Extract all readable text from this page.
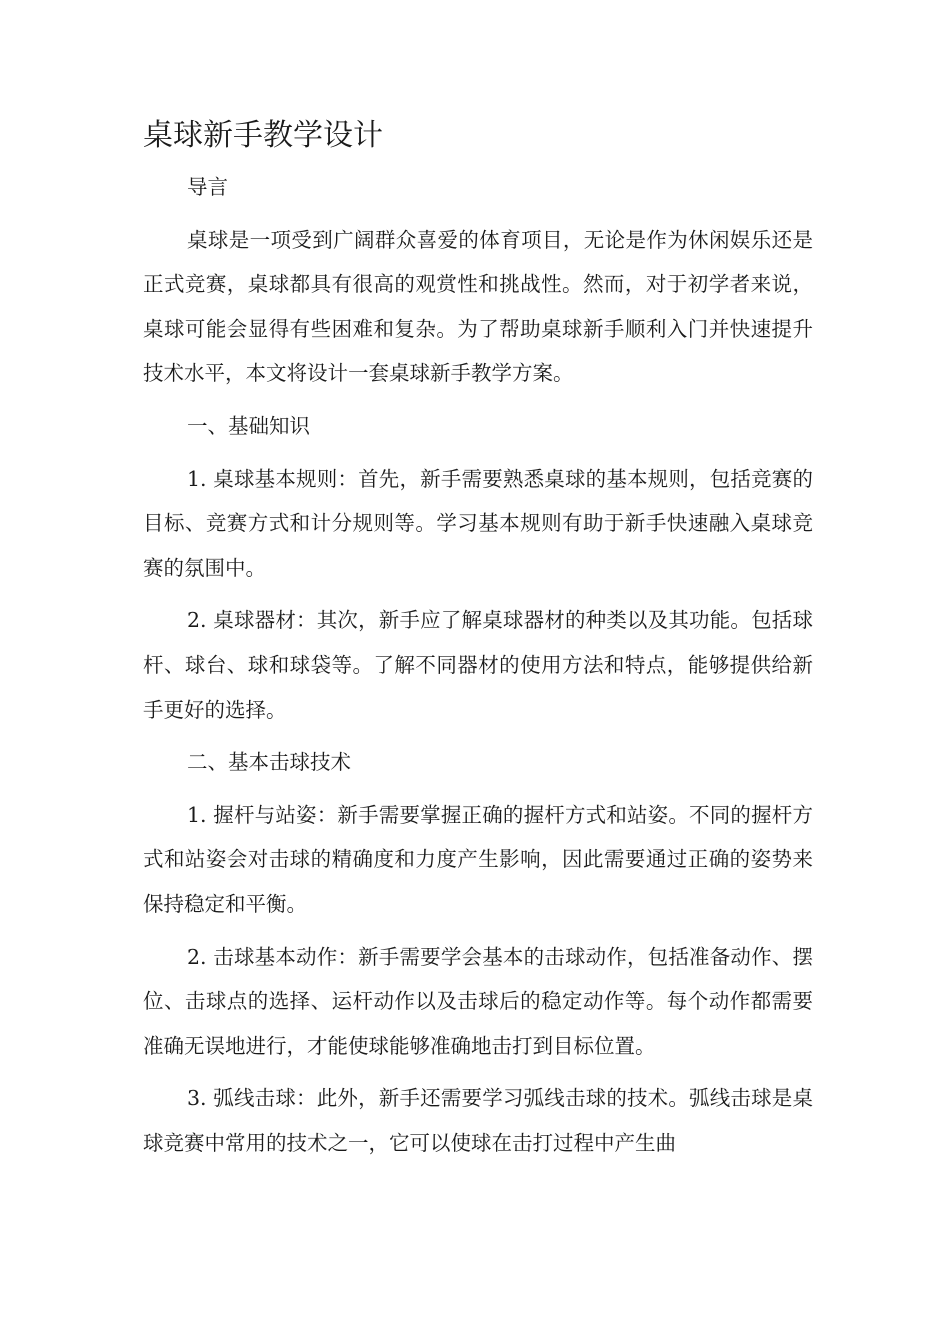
桌球新手教学设计

导言

桌球是一项受到广阔群众喜爱的体育项目，无论是作为休闲娱乐还是正式竞赛，桌球都具有很高的观赏性和挑战性。然而，对于初学者来说，桌球可能会显得有些困难和复杂。为了帮助桌球新手顺利入门并快速提升技术水平，本文将设计一套桌球新手教学方案。

一、基础知识

1. 桌球基本规则：首先，新手需要熟悉桌球的基本规则，包括竞赛的目标、竞赛方式和计分规则等。学习基本规则有助于新手快速融入桌球竞赛的氛围中。

2. 桌球器材：其次，新手应了解桌球器材的种类以及其功能。包括球杆、球台、球和球袋等。了解不同器材的使用方法和特点，能够提供给新手更好的选择。

二、基本击球技术

1. 握杆与站姿：新手需要掌握正确的握杆方式和站姿。不同的握杆方式和站姿会对击球的精确度和力度产生影响，因此需要通过正确的姿势来保持稳定和平衡。

2. 击球基本动作：新手需要学会基本的击球动作，包括准备动作、摆位、击球点的选择、运杆动作以及击球后的稳定动作等。每个动作都需要准确无误地进行，才能使球能够准确地击打到目标位置。

3. 弧线击球：此外，新手还需要学习弧线击球的技术。弧线击球是桌球竞赛中常用的技术之一，它可以使球在击打过程中产生曲
